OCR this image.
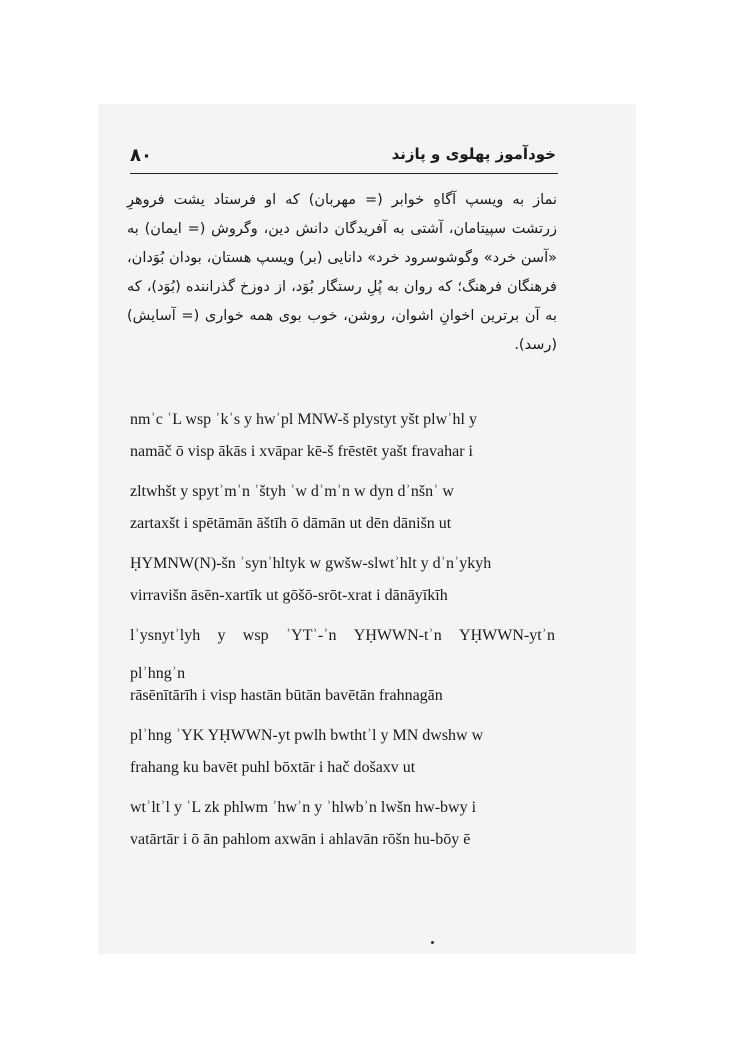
۸۰	خودآموز پهلوی و پازند

نماز به ویسپ آگاهِ خوابر (= مهربان) که او فرستاد یشت فروهرِ زرتشت سپیتامان، آشتی به آفریدگان دانش دین، وگروش (= ایمان) به «آسن خرد» وگوشوسرود خرد» دانایی (بر) ویسپ هستان، بودان بُوَدان، فرهنگان فرهنگ؛ که روان به پُلِ رستگار بُوَد، از دوزخ گذراننده (بُوَد)، که به آن برترین اخوانِ اشوان، روشن، خوب بوی همه خواری (= آسایش) (رسد).

nmʾc ʿL wsp ʾkʾs y hwʾpl MNW-š plystyt yšt plwʾhl y

namāč ō visp ākās i xvāpar kē-š frēstēt yašt fravahar i

zltwhšt y spytʾmʾn ʾštyh ʾw dʾmʾn w dyn dʾnšnʾ w

zartaxšt i spētāmān āštīh ō dāmān ut dēn dānišn ut

ḤYMNW(N)-šn ʾsynʾhltyk w gwšw-slwtʾhlt y dʾnʾykyh

virravišn āsēn-xartīk ut gōšō-srōt-xrat i dānāyīkīh

lʾysnytʾlyh y wsp ʾYTʾ-ʾn YḤWWN-tʾn YḤWWN-ytʾn

plʾhngʾn

rāsēnītārīh i visp hastān būtān bavētān frahnagān

plʾhng ʾYK YḤWWN-yt pwlh bwthtʾl y MN dwshw w

frahang ku bavēt puhl bōxtār i hač došaxv ut

wtʾltʾl y ʿL zk phlwm ʾhwʾn y ʾhlwbʾn lwšn hw-bwy i

vatārtār i ō ān pahlom axwān i ahlavān rōšn hu-bōy ē
